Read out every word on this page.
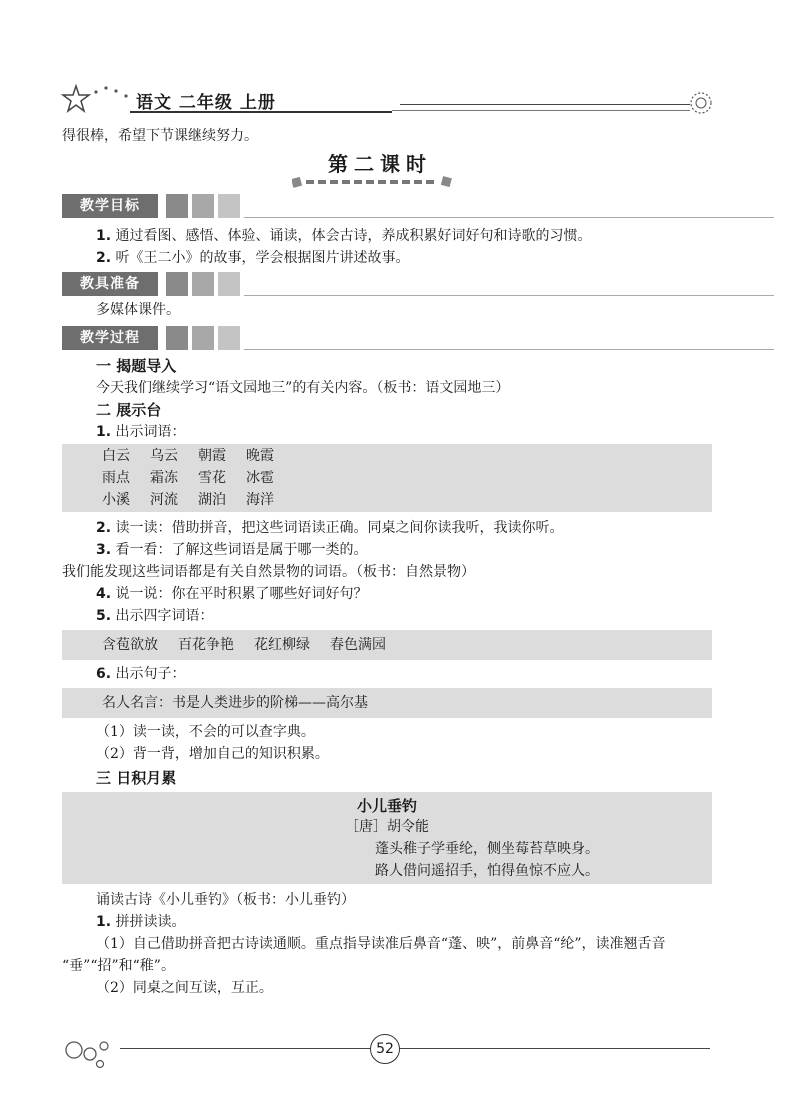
语文 二年级 上册
得很棒，希望下节课继续努力。
第二课时
教学目标
1. 通过看图、感悟、体验、诵读，体会古诗，养成积累好词好句和诗歌的习惯。
2. 听《王二小》的故事，学会根据图片讲述故事。
教具准备
多媒体课件。
教学过程
一 揭题导入
今天我们继续学习“语文园地三”的有关内容。（板书：语文园地三）
二 展示台
1. 出示词语：
白云	乌云	朝霞	晚霞
雨点	霜冻	雪花	冰雹
小溪	河流	湖泊	海洋
2. 读一读：借助拼音，把这些词语读正确。同桌之间你读我听，我读你听。
3. 看一看：了解这些词语是属于哪一类的。
我们能发现这些词语都是有关自然景物的词语。（板书：自然景物）
4. 说一说：你在平时积累了哪些好词好句？
5. 出示四字词语：
含苞欲放 百花争艳 花红柳绿 春色满园
6. 出示句子：
名人名言：书是人类进步的阶梯——高尔基
（1）读一读，不会的可以查字典。
（2）背一背，增加自己的知识积累。
三 日积月累
小儿垂钓
［唐］胡令能
蓬头稚子学垂纶，侧坐莓苔草映身。
路人借问遥招手，怕得鱼惊不应人。
诵读古诗《小儿垂钓》（板书：小儿垂钓）
1. 拼拼读读。
（1）自己借助拼音把古诗读通顺。重点指导读准后鼻音“蓬、映”，前鼻音“纶”，读准翘舌音
“垂”“招”和“稚”。
（2）同桌之间互读，互正。
52
